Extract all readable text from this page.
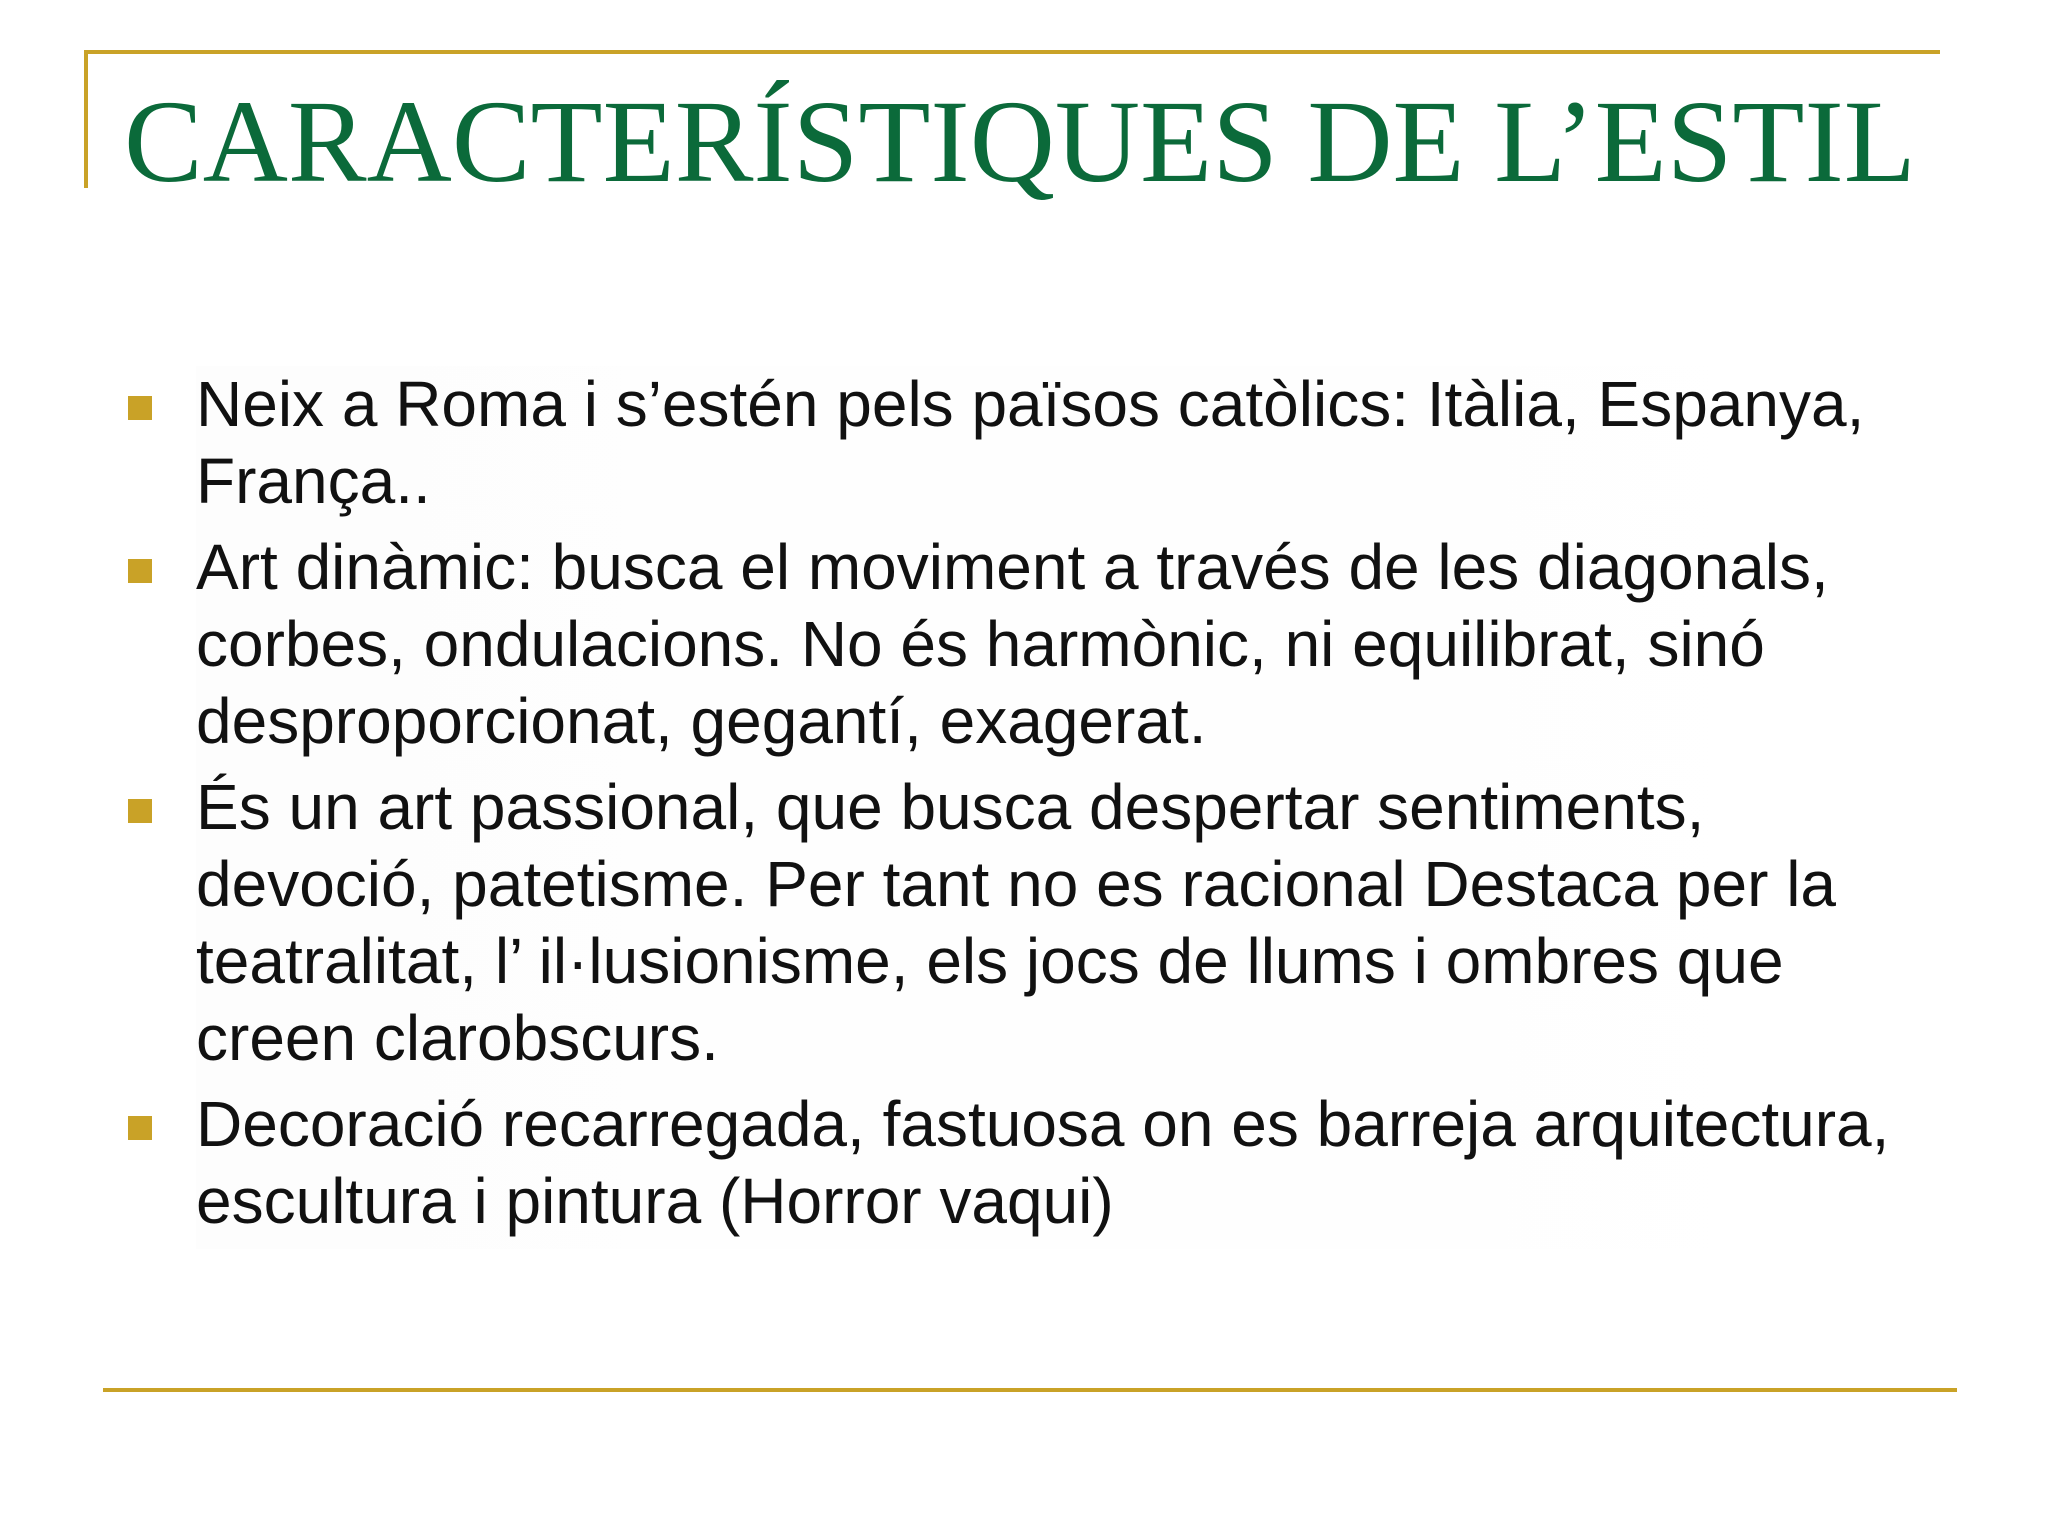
CARACTERÍSTIQUES DE L’ESTIL
Neix a Roma i s’estén pels països catòlics: Itàlia, Espanya, França..
Art dinàmic: busca el moviment a través de les diagonals, corbes, ondulacions. No és harmònic, ni equilibrat, sinó desproporcionat, gegantí, exagerat.
És un art passional, que busca despertar sentiments, devoció, patetisme. Per tant no es racional Destaca per la teatralitat, l’ il·lusionisme, els jocs de llums i ombres que creen clarobscurs.
Decoració recarregada, fastuosa on es barreja arquitectura, escultura i pintura (Horror vaqui)
